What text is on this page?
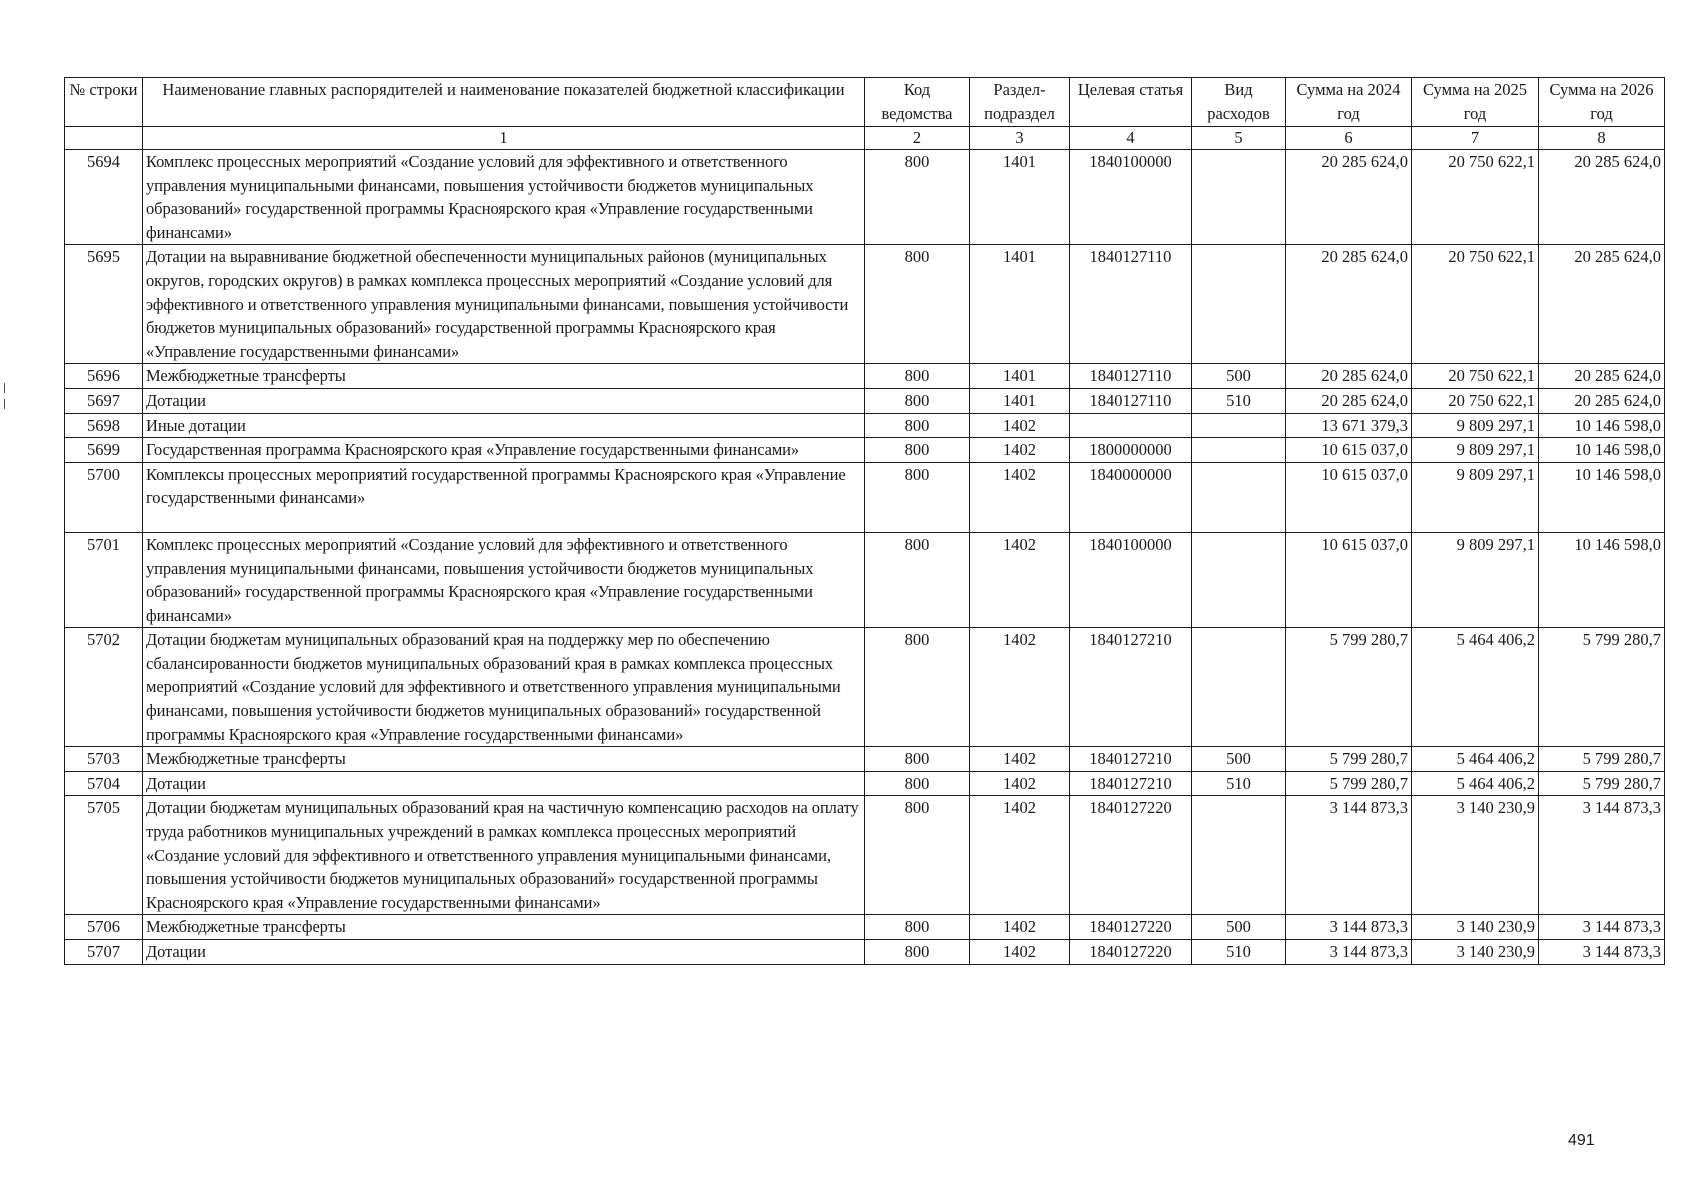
№ строки	Наименование главных распорядителей и наименование показателей бюджетной классификации	Код ведомства	Раздел-подраздел	Целевая статья	Вид расходов	Сумма на 2024 год	Сумма на 2025 год	Сумма на 2026 год
	1	2	3	4	5	6	7	8
5694	Комплекс процессных мероприятий «Создание условий для эффективного и ответственного управления муниципальными финансами, повышения устойчивости бюджетов муниципальных образований» государственной программы Красноярского края «Управление государственными финансами»	800	1401	1840100000		20 285 624,0	20 750 622,1	20 285 624,0
5695	Дотации на выравнивание бюджетной обеспеченности муниципальных районов (муниципальных округов, городских округов) в рамках комплекса процессных мероприятий «Создание условий для эффективного и ответственного управления муниципальными финансами, повышения устойчивости бюджетов муниципальных образований» государственной программы Красноярского края «Управление государственными финансами»	800	1401	1840127110		20 285 624,0	20 750 622,1	20 285 624,0
5696	Межбюджетные трансферты	800	1401	1840127110	500	20 285 624,0	20 750 622,1	20 285 624,0
5697	Дотации	800	1401	1840127110	510	20 285 624,0	20 750 622,1	20 285 624,0
5698	Иные дотации	800	1402			13 671 379,3	9 809 297,1	10 146 598,0
5699	Государственная программа Красноярского края «Управление государственными финансами»	800	1402	1800000000		10 615 037,0	9 809 297,1	10 146 598,0
5700	Комплексы процессных мероприятий государственной программы Красноярского края «Управление государственными финансами»	800	1402	1840000000		10 615 037,0	9 809 297,1	10 146 598,0
5701	Комплекс процессных мероприятий «Создание условий для эффективного и ответственного управления муниципальными финансами, повышения устойчивости бюджетов муниципальных образований» государственной программы Красноярского края «Управление государственными финансами»	800	1402	1840100000		10 615 037,0	9 809 297,1	10 146 598,0
5702	Дотации бюджетам муниципальных образований края на поддержку мер по обеспечению сбалансированности бюджетов муниципальных образований края в рамках комплекса процессных мероприятий «Создание условий для эффективного и ответственного управления муниципальными финансами, повышения устойчивости бюджетов муниципальных образований» государственной программы Красноярского края «Управление государственными финансами»	800	1402	1840127210		5 799 280,7	5 464 406,2	5 799 280,7
5703	Межбюджетные трансферты	800	1402	1840127210	500	5 799 280,7	5 464 406,2	5 799 280,7
5704	Дотации	800	1402	1840127210	510	5 799 280,7	5 464 406,2	5 799 280,7
5705	Дотации бюджетам муниципальных образований края на частичную компенсацию расходов на оплату труда работников муниципальных учреждений в рамках комплекса процессных мероприятий «Создание условий для эффективного и ответственного управления муниципальными финансами, повышения устойчивости бюджетов муниципальных образований» государственной программы Красноярского края «Управление государственными финансами»	800	1402	1840127220		3 144 873,3	3 140 230,9	3 144 873,3
5706	Межбюджетные трансферты	800	1402	1840127220	500	3 144 873,3	3 140 230,9	3 144 873,3
5707	Дотации	800	1402	1840127220	510	3 144 873,3	3 140 230,9	3 144 873,3
491
